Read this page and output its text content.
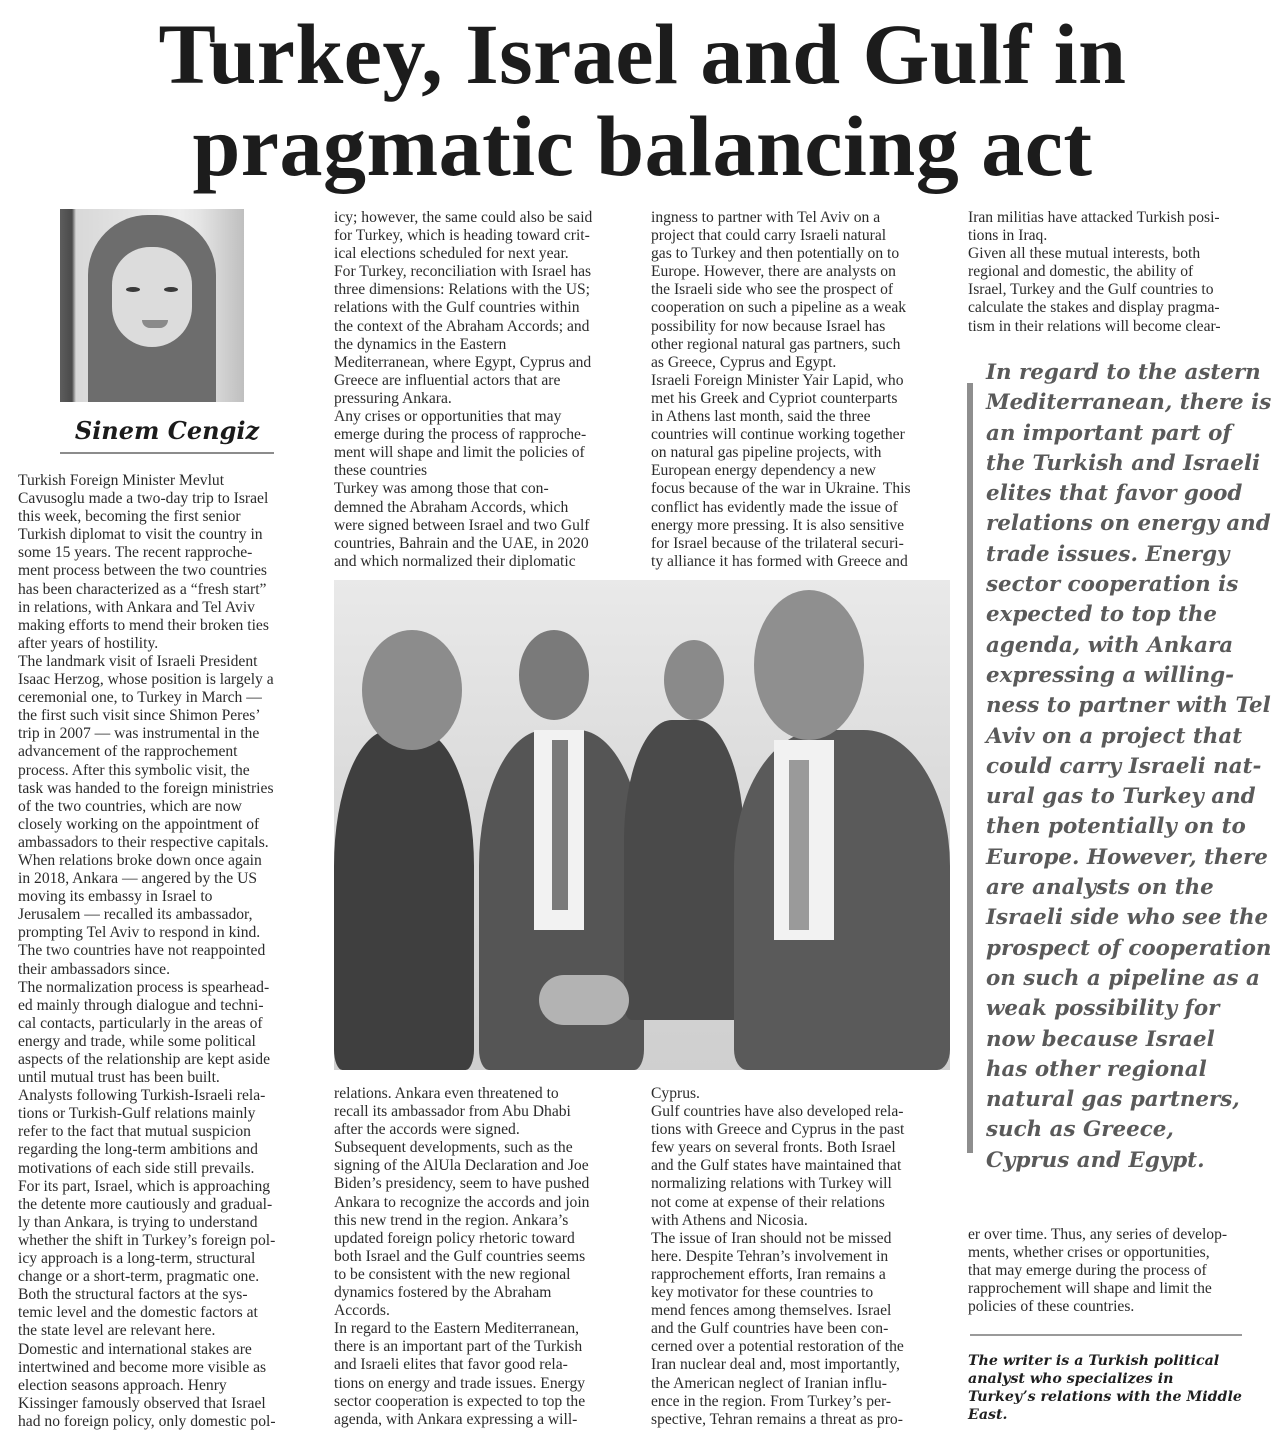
Turkey, Israel and Gulf in
pragmatic balancing act
Sinem Cengiz
Turkish Foreign Minister Mevlut
Cavusoglu made a two-day trip to Israel
this week, becoming the first senior
Turkish diplomat to visit the country in
some 15 years. The recent rapproche-
ment process between the two countries
has been characterized as a “fresh start”
in relations, with Ankara and Tel Aviv
making efforts to mend their broken ties
after years of hostility.
The landmark visit of Israeli President
Isaac Herzog, whose position is largely a
ceremonial one, to Turkey in March —
the first such visit since Shimon Peres’
trip in 2007 — was instrumental in the
advancement of the rapprochement
process. After this symbolic visit, the
task was handed to the foreign ministries
of the two countries, which are now
closely working on the appointment of
ambassadors to their respective capitals.
When relations broke down once again
in 2018, Ankara — angered by the US
moving its embassy in Israel to
Jerusalem — recalled its ambassador,
prompting Tel Aviv to respond in kind.
The two countries have not reappointed
their ambassadors since.
The normalization process is spearhead-
ed mainly through dialogue and techni-
cal contacts, particularly in the areas of
energy and trade, while some political
aspects of the relationship are kept aside
until mutual trust has been built.
Analysts following Turkish-Israeli rela-
tions or Turkish-Gulf relations mainly
refer to the fact that mutual suspicion
regarding the long-term ambitions and
motivations of each side still prevails.
For its part, Israel, which is approaching
the detente more cautiously and gradual-
ly than Ankara, is trying to understand
whether the shift in Turkey’s foreign pol-
icy approach is a long-term, structural
change or a short-term, pragmatic one.
Both the structural factors at the sys-
temic level and the domestic factors at
the state level are relevant here.
Domestic and international stakes are
intertwined and become more visible as
election seasons approach. Henry
Kissinger famously observed that Israel
had no foreign policy, only domestic pol-
icy; however, the same could also be said
for Turkey, which is heading toward crit-
ical elections scheduled for next year.
For Turkey, reconciliation with Israel has
three dimensions: Relations with the US;
relations with the Gulf countries within
the context of the Abraham Accords; and
the dynamics in the Eastern
Mediterranean, where Egypt, Cyprus and
Greece are influential actors that are
pressuring Ankara.
Any crises or opportunities that may
emerge during the process of rapproche-
ment will shape and limit the policies of
these countries
Turkey was among those that con-
demned the Abraham Accords, which
were signed between Israel and two Gulf
countries, Bahrain and the UAE, in 2020
and which normalized their diplomatic
ingness to partner with Tel Aviv on a
project that could carry Israeli natural
gas to Turkey and then potentially on to
Europe. However, there are analysts on
the Israeli side who see the prospect of
cooperation on such a pipeline as a weak
possibility for now because Israel has
other regional natural gas partners, such
as Greece, Cyprus and Egypt.
Israeli Foreign Minister Yair Lapid, who
met his Greek and Cypriot counterparts
in Athens last month, said the three
countries will continue working together
on natural gas pipeline projects, with
European energy dependency a new
focus because of the war in Ukraine. This
conflict has evidently made the issue of
energy more pressing. It is also sensitive
for Israel because of the trilateral securi-
ty alliance it has formed with Greece and
Iran militias have attacked Turkish posi-
tions in Iraq.
Given all these mutual interests, both
regional and domestic, the ability of
Israel, Turkey and the Gulf countries to
calculate the stakes and display pragma-
tism in their relations will become clear-
relations. Ankara even threatened to
recall its ambassador from Abu Dhabi
after the accords were signed.
Subsequent developments, such as the
signing of the AlUla Declaration and Joe
Biden’s presidency, seem to have pushed
Ankara to recognize the accords and join
this new trend in the region. Ankara’s
updated foreign policy rhetoric toward
both Israel and the Gulf countries seems
to be consistent with the new regional
dynamics fostered by the Abraham
Accords.
In regard to the Eastern Mediterranean,
there is an important part of the Turkish
and Israeli elites that favor good rela-
tions on energy and trade issues. Energy
sector cooperation is expected to top the
agenda, with Ankara expressing a will-
Cyprus.
Gulf countries have also developed rela-
tions with Greece and Cyprus in the past
few years on several fronts. Both Israel
and the Gulf states have maintained that
normalizing relations with Turkey will
not come at expense of their relations
with Athens and Nicosia.
The issue of Iran should not be missed
here. Despite Tehran’s involvement in
rapprochement efforts, Iran remains a
key motivator for these countries to
mend fences among themselves. Israel
and the Gulf countries have been con-
cerned over a potential restoration of the
Iran nuclear deal and, most importantly,
the American neglect of Iranian influ-
ence in the region. From Turkey’s per-
spective, Tehran remains a threat as pro-
In regard to the astern
Mediterranean, there is
an important part of
the Turkish and Israeli
elites that favor good
relations on energy and
trade issues. Energy
sector cooperation is
expected to top the
agenda, with Ankara
expressing a willing-
ness to partner with Tel
Aviv on a project that
could carry Israeli nat-
ural gas to Turkey and
then potentially on to
Europe. However, there
are analysts on the
Israeli side who see the
prospect of cooperation
on such a pipeline as a
weak possibility for
now because Israel
has other regional
natural gas partners,
such as Greece,
Cyprus and Egypt.
er over time. Thus, any series of develop-
ments, whether crises or opportunities,
that may emerge during the process of
rapprochement will shape and limit the
policies of these countries.
The writer is a Turkish political
analyst who specializes in
Turkey’s relations with the Middle
East.
